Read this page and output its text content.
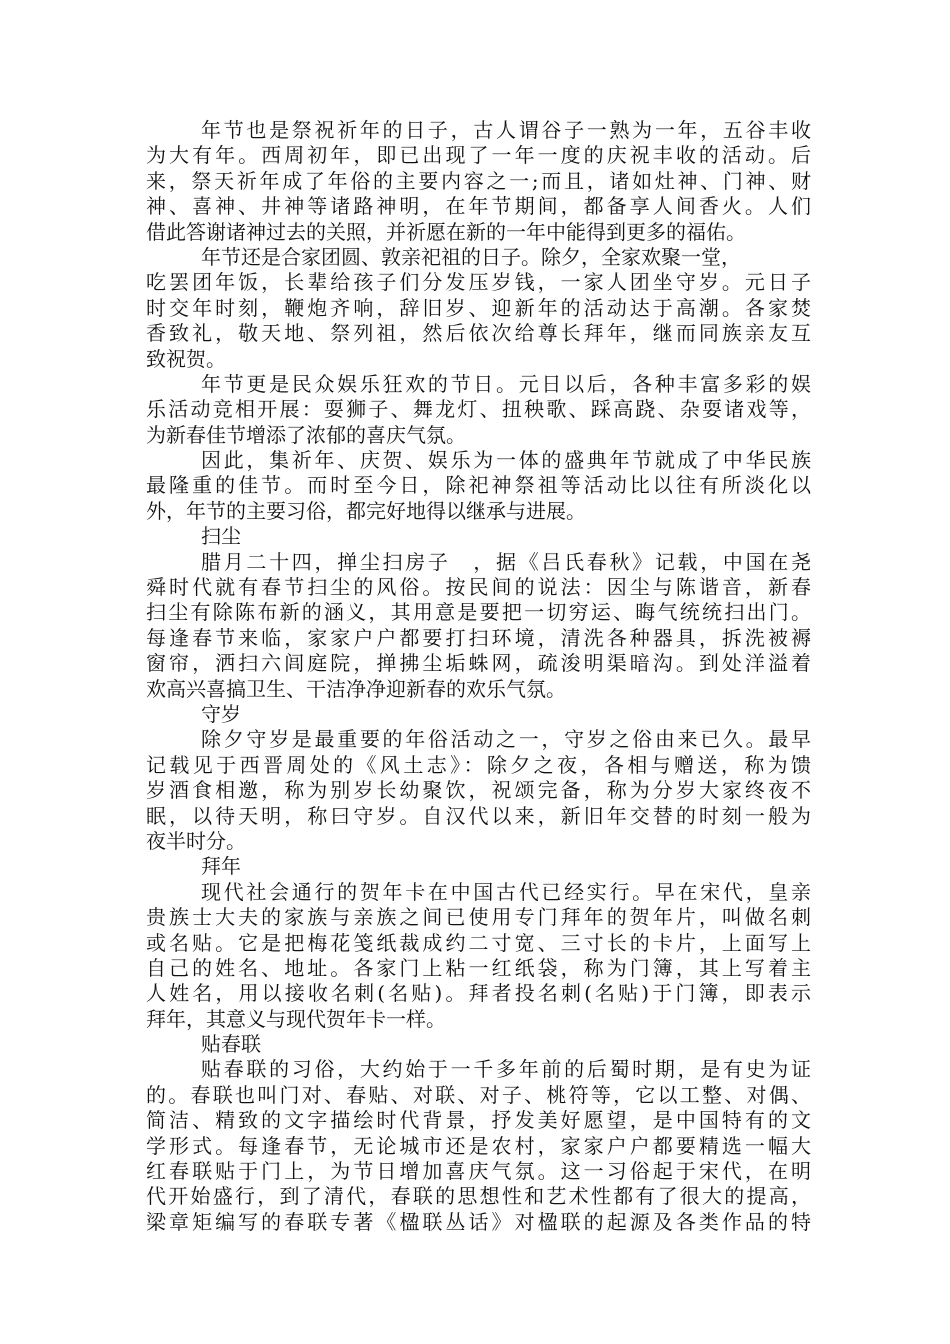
年节也是祭祝祈年的日子，古人谓谷子一熟为一年，五谷丰收
为大有年。西周初年，即已出现了一年一度的庆祝丰收的活动。后
来，祭天祈年成了年俗的主要内容之一;而且，诸如灶神、门神、财
神、喜神、井神等诸路神明，在年节期间，都备享人间香火。人们
借此答谢诸神过去的关照，并祈愿在新的一年中能得到更多的福佑。
年节还是合家团圆、敦亲祀祖的日子。除夕，全家欢聚一堂，
吃罢团年饭，长辈给孩子们分发压岁钱，一家人团坐守岁。元日子
时交年时刻，鞭炮齐响，辞旧岁、迎新年的活动达于高潮。各家焚
香致礼，敬天地、祭列祖，然后依次给尊长拜年，继而同族亲友互
致祝贺。
年节更是民众娱乐狂欢的节日。元日以后，各种丰富多彩的娱
乐活动竞相开展：耍狮子、舞龙灯、扭秧歌、踩高跷、杂耍诸戏等，
为新春佳节增添了浓郁的喜庆气氛。
因此，集祈年、庆贺、娱乐为一体的盛典年节就成了中华民族
最隆重的佳节。而时至今日，除祀神祭祖等活动比以往有所淡化以
外，年节的主要习俗，都完好地得以继承与进展。
扫尘
腊月二十四，掸尘扫房子　，据《吕氏春秋》记载，中国在尧
舜时代就有春节扫尘的风俗。按民间的说法：因尘与陈谐音，新春
扫尘有除陈布新的涵义，其用意是要把一切穷运、晦气统统扫出门。
每逢春节来临，家家户户都要打扫环境，清洗各种器具，拆洗被褥
窗帘，洒扫六闾庭院，掸拂尘垢蛛网，疏浚明渠暗沟。到处洋溢着
欢高兴喜搞卫生、干洁净净迎新春的欢乐气氛。
守岁
除夕守岁是最重要的年俗活动之一，守岁之俗由来已久。最早
记载见于西晋周处的《风土志》：除夕之夜，各相与赠送，称为馈
岁酒食相邀，称为别岁长幼聚饮，祝颂完备，称为分岁大家终夜不
眠，以待天明，称曰守岁。自汉代以来，新旧年交替的时刻一般为
夜半时分。
拜年
现代社会通行的贺年卡在中国古代已经实行。早在宋代，皇亲
贵族士大夫的家族与亲族之间已使用专门拜年的贺年片，叫做名刺
或名贴。它是把梅花笺纸裁成约二寸宽、三寸长的卡片，上面写上
自己的姓名、地址。各家门上粘一红纸袋，称为门簿，其上写着主
人姓名，用以接收名刺(名贴)。拜者投名刺(名贴)于门簿，即表示
拜年，其意义与现代贺年卡一样。
贴春联
贴春联的习俗，大约始于一千多年前的后蜀时期，是有史为证
的。春联也叫门对、春贴、对联、对子、桃符等，它以工整、对偶、
简洁、精致的文字描绘时代背景，抒发美好愿望，是中国特有的文
学形式。每逢春节，无论城市还是农村，家家户户都要精选一幅大
红春联贴于门上，为节日增加喜庆气氛。这一习俗起于宋代，在明
代开始盛行，到了清代，春联的思想性和艺术性都有了很大的提高，
梁章矩编写的春联专著《楹联丛话》对楹联的起源及各类作品的特
